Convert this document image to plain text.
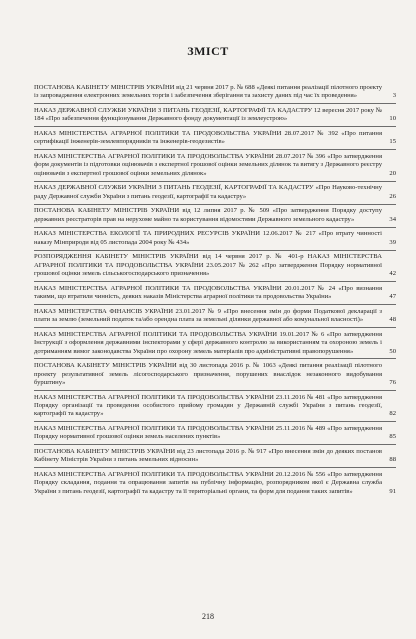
ЗМІСТ
ПОСТАНОВА КАБІНЕТУ МІНІСТРІВ УКРАЇНИ від 21 червня 2017 р. № 688 «Деякі питання реалізації пілотного проекту із запровадження електронних земельних торгів і забезпечення зберігання та захисту даних під час їх проведення»	3
НАКАЗ ДЕРЖАВНОЇ СЛУЖБИ УКРАЇНИ З ПИТАНЬ ГЕОДЕЗІЇ, КАРТОГРАФІЇ ТА КАДАСТРУ 12 вересня 2017 року № 184 «Про забезпечення функціонування Державного фонду документації із землеустрою»	10
НАКАЗ МІНІСТЕРСТВА АГРАРНОЇ ПОЛІТИКИ ТА ПРОДОВОЛЬСТВА УКРАЇНИ 28.07.2017 № 392 «Про питання сертифікації інженерів-землевпорядників та інженерів-геодезистів»	15
НАКАЗ МІНІСТЕРСТВА АГРАРНОЇ ПОЛІТИКИ ТА ПРОДОВОЛЬСТВА УКРАЇНИ 28.07.2017 № 396 «Про затвердження форм документів із підготовки оцінювачів з експертної грошової оцінки земельних ділянок та витягу з Державного реєстру оцінювачів з експертної грошової оцінки земельних ділянок»	20
НАКАЗ ДЕРЖАВНОЇ СЛУЖБИ УКРАЇНИ З ПИТАНЬ ГЕОДЕЗІЇ, КАРТОГРАФІЇ ТА КАДАСТРУ «Про Науково-технічну раду Державної служби України з питань геодезії, картографії та кадастру»	26
ПОСТАНОВА КАБІНЕТУ МІНІСТРІВ УКРАЇНИ від 12 липня 2017 р. № 509 «Про затвердження Порядку доступу державних реєстраторів прав на нерухоме майно та користування відомостями Державного земельного кадастру»	34
НАКАЗ МІНІСТЕРСТВА ЕКОЛОГІЇ ТА ПРИРОДНИХ РЕСУРСІВ УКРАЇНИ 12.06.2017 № 217 «Про втрату чинності наказу Мінприроди від 05 листопада 2004 року № 434»	39
РОЗПОРЯДЖЕННЯ КАБІНЕТУ МІНІСТРІВ УКРАЇНИ від 14 червня 2017 р. № 401-р НАКАЗ МІНІСТЕРСТВА АГРАРНОЇ ПОЛІТИКИ ТА ПРОДОВОЛЬСТВА УКРАЇНИ 23.05.2017 № 262 «Про затвердження Порядку нормативної грошової оцінки земель сільськогосподарського призначення»	42
НАКАЗ МІНІСТЕРСТВА АГРАРНОЇ ПОЛІТИКИ ТА ПРОДОВОЛЬСТВА УКРАЇНИ 20.01.2017 № 24 «Про визнання такими, що втратили чинність, деяких наказів Міністерства аграрної політики та продовольства України»	47
НАКАЗ МІНІСТЕРСТВА ФІНАНСІВ УКРАЇНИ 23.01.2017 № 9 «Про внесення змін до форми Податкової декларації з плати за землю (земельний податок та/або орендна плата за земельні ділянки державної або комунальної власності)»	48
НАКАЗ МІНІСТЕРСТВА АГРАРНОЇ ПОЛІТИКИ ТА ПРОДОВОЛЬСТВА УКРАЇНИ 19.01.2017 № 6 «Про затвердження Інструкції з оформлення державними інспекторами у сфері державного контролю за використанням та охороною земель і дотриманням вимог законодавства України про охорону земель матеріалів про адміністративні правопорушення»	50
ПОСТАНОВА КАБІНЕТУ МІНІСТРІВ УКРАЇНИ від 30 листопада 2016 р. № 1063 «Деякі питання реалізації пілотного проекту результативної земель лісогосподарського призначення, порушених внаслідок незаконного видобування бурштину»	76
НАКАЗ МІНІСТЕРСТВА АГРАРНОЇ ПОЛІТИКИ ТА ПРОДОВОЛЬСТВА УКРАЇНИ 23.11.2016 № 481 «Про затвердження Порядку організації та проведення особистого прийому громадян у Державній службі України з питань геодезії, картографії та кадастру»	82
НАКАЗ МІНІСТЕРСТВА АГРАРНОЇ ПОЛІТИКИ ТА ПРОДОВОЛЬСТВА УКРАЇНИ 25.11.2016 № 489 «Про затвердження Порядку нормативної грошової оцінки земель населених пунктів»	85
ПОСТАНОВА КАБІНЕТУ МІНІСТРІВ УКРАЇНИ від 23 листопада 2016 р. № 917 «Про внесення змін до деяких постанов Кабінету Міністрів України з питань земельних відносин»	88
НАКАЗ МІНІСТЕРСТВА АГРАРНОЇ ПОЛІТИКИ ТА ПРОДОВОЛЬСТВА УКРАЇНИ 20.12.2016 № 556 «Про затвердження Порядку складання, подання та опрацювання запитів на публічну інформацію, розпорядником якої є Державна служба України з питань геодезії, картографії та кадастру та її територіальні органи, та форм для подання таких запитів»	91
218
